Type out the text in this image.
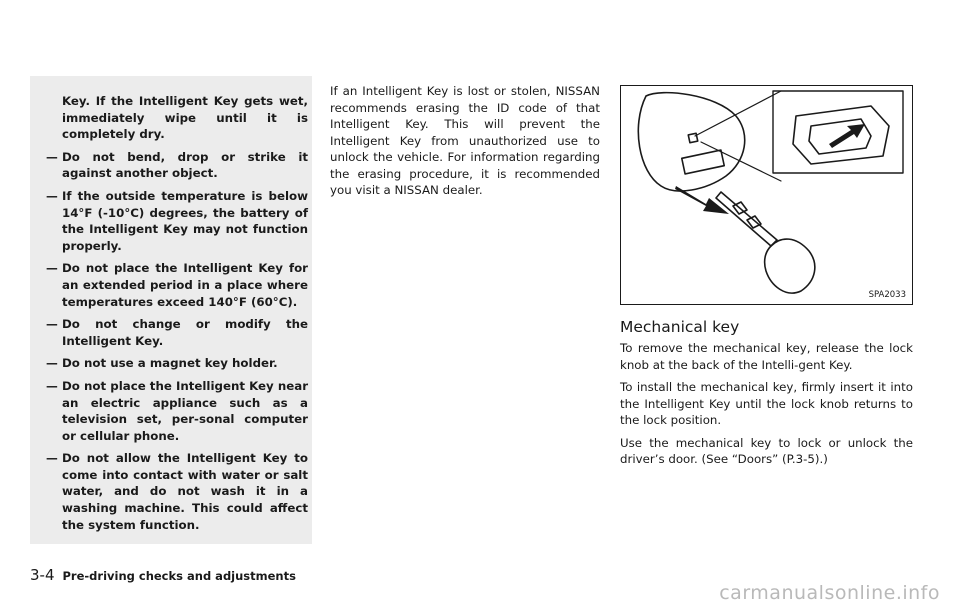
Key. If the Intelligent Key gets wet, immediately wipe until it is completely dry.
— Do not bend, drop or strike it against another object.
— If the outside temperature is below 14°F (-10°C) degrees, the battery of the Intelligent Key may not function properly.
— Do not place the Intelligent Key for an extended period in a place where temperatures exceed 140°F (60°C).
— Do not change or modify the Intelligent Key.
— Do not use a magnet key holder.
— Do not place the Intelligent Key near an electric appliance such as a television set, per-sonal computer or cellular phone.
— Do not allow the Intelligent Key to come into contact with water or salt water, and do not wash it in a washing machine. This could affect the system function.
If an Intelligent Key is lost or stolen, NISSAN recommends erasing the ID code of that Intelligent Key. This will prevent the Intelligent Key from unauthorized use to unlock the vehicle. For information regarding the erasing procedure, it is recommended you visit a NISSAN dealer.
SPA2033
Mechanical key

To remove the mechanical key, release the lock knob at the back of the Intelli-gent Key.

To install the mechanical key, firmly insert it into the Intelligent Key until the lock knob returns to the lock position.

Use the mechanical key to lock or unlock the driver’s door. (See “Doors” (P.3-5).)

3-4 Pre-driving checks and adjustments
carmanualsonline.info
